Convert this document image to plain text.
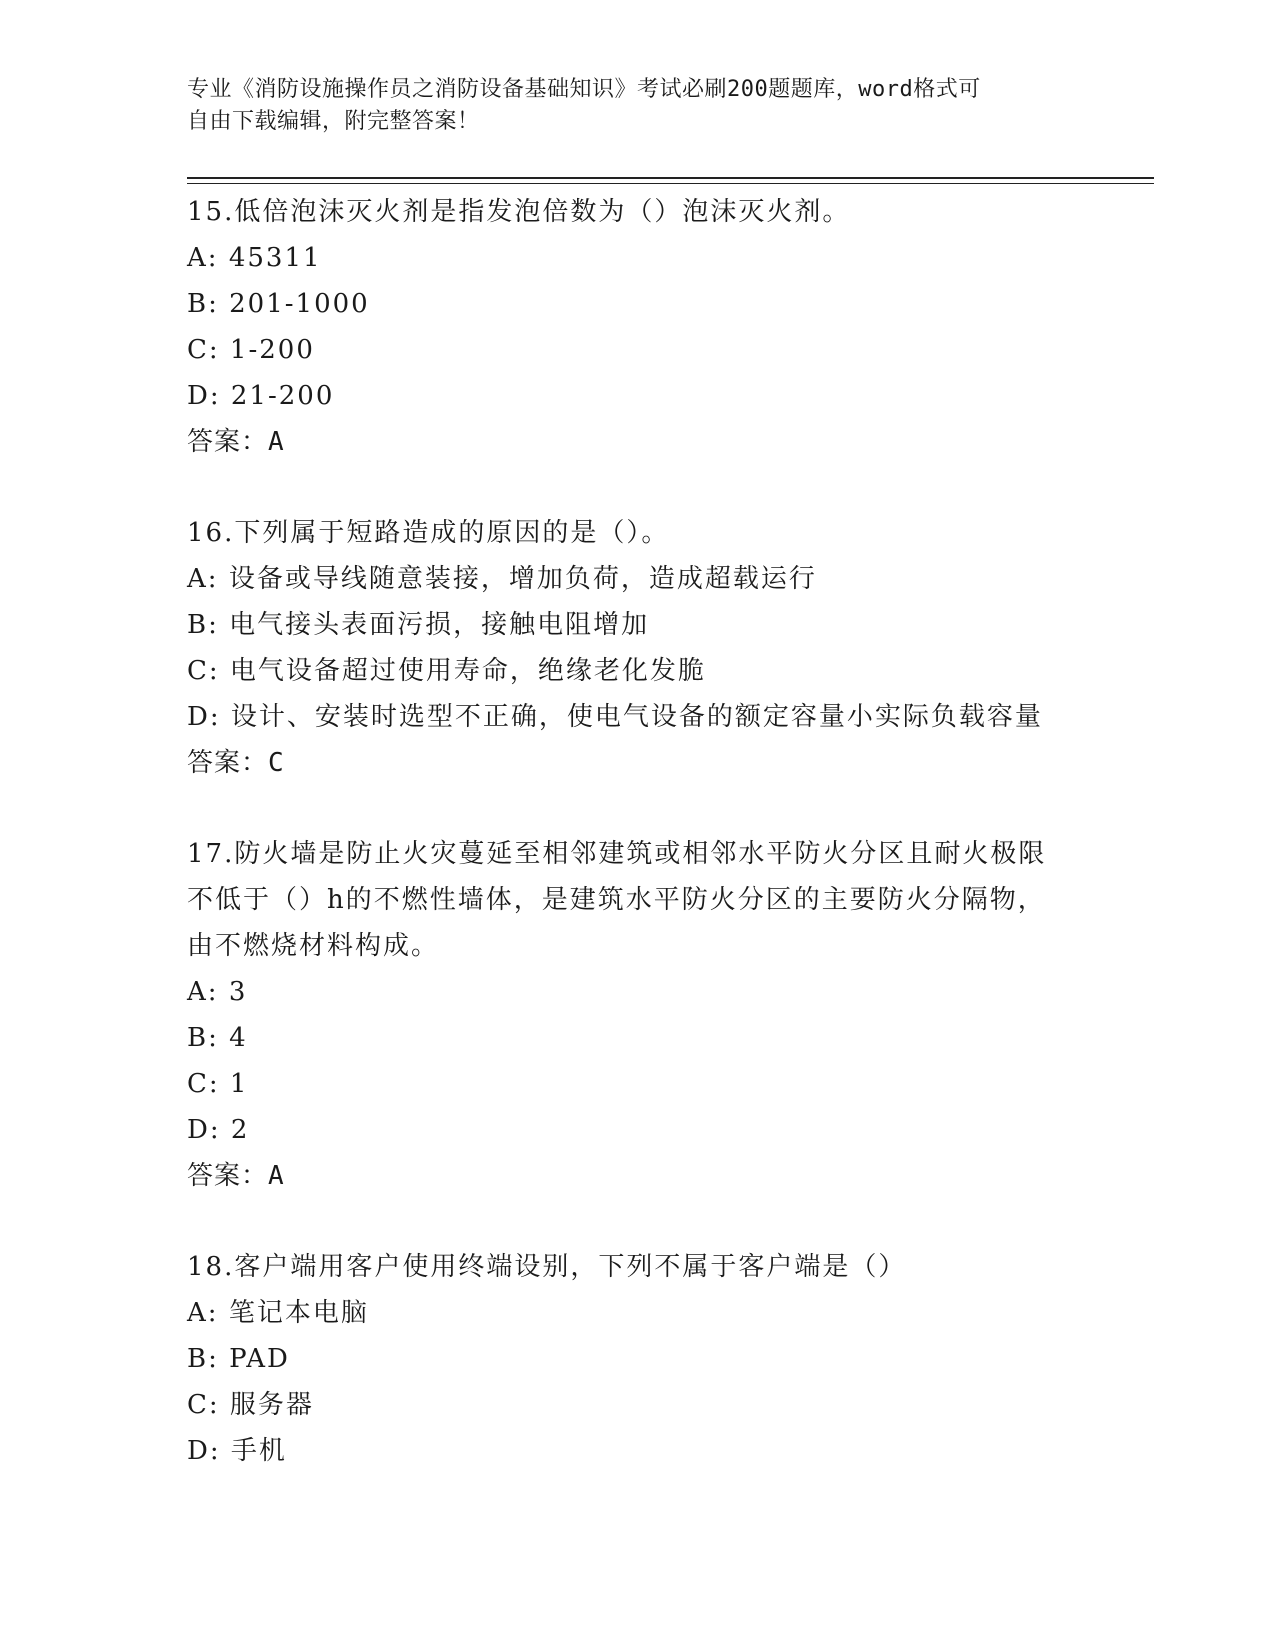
专业《消防设施操作员之消防设备基础知识》考试必刷200题题库，word格式可
自由下载编辑，附完整答案！
15.低倍泡沫灭火剂是指发泡倍数为（）泡沫灭火剂。
A: 45311
B: 201-1000
C: 1-200
D: 21-200
答案：A
16.下列属于短路造成的原因的是（）。
A: 设备或导线随意装接，增加负荷，造成超载运行
B: 电气接头表面污损，接触电阻增加
C: 电气设备超过使用寿命，绝缘老化发脆
D: 设计、安装时选型不正确，使电气设备的额定容量小实际负载容量
答案：C
17.防火墙是防止火灾蔓延至相邻建筑或相邻水平防火分区且耐火极限
不低于（）h的不燃性墙体，是建筑水平防火分区的主要防火分隔物，
由不燃烧材料构成。
A: 3
B: 4
C: 1
D: 2
答案：A
18.客户端用客户使用终端设别，下列不属于客户端是（）
A: 笔记本电脑
B: PAD
C: 服务器
D: 手机
